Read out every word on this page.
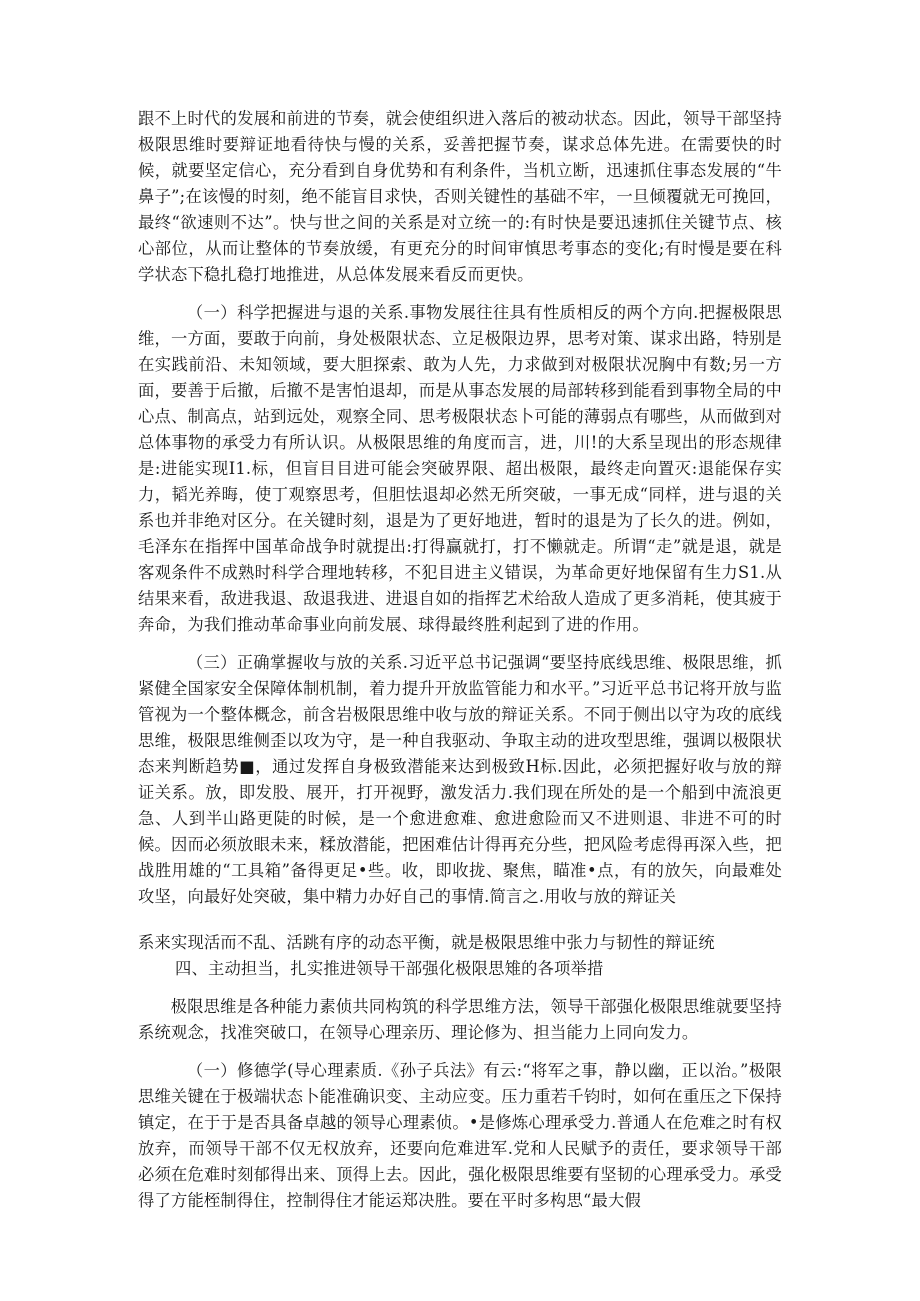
跟不上时代的发展和前进的节奏，就会使组织进入落后的被动状态。因此，领导干部坚持极限思维时要辩证地看待快与慢的关系，妥善把握节奏，谋求总体先进。在需要快的时候，就要坚定信心，充分看到自身优势和有利条件，当机立断，迅速抓住事态发展的“牛鼻子”;在该慢的时刻，绝不能盲目求快，否则关键性的基础不牢，一旦倾覆就无可挽回，最终“欲速则不达”。快与世之间的关系是对立统一的:有时快是要迅速抓住关键节点、核心部位，从而让整体的节奏放缓，有更充分的时间审慎思考事态的变化;有时慢是要在科学状态下稳扎稳打地推进，从总体发展来看反而更快。

（一）科学把握进与退的关系.事物发展往往具有性质相反的两个方向.把握极限思维，一方面，要敢于向前，身处极限状态、立足极限边界，思考对策、谋求出路，特别是在实践前沿、未知领域，要大胆探索、敢为人先，力求做到对极限状况胸中有数;另一方面，要善于后撤，后撤不是害怕退却，而是从事态发展的局部转移到能看到事物全局的中心点、制高点，站到远处，观察全同、思考极限状态卜可能的薄弱点有哪些，从而做到对总体事物的承受力有所认识。从极限思维的角度而言，进，川!的大系呈现出的形态规律是:进能实现I1.标，但盲目目进可能会突破界限、超出极限，最终走向置灭:退能保存实力，韬光养晦，使丁观察思考，但胆怯退却必然无所突破，一事无成“同样，进与退的关系也并非绝对区分。在关键时刻，退是为了更好地进，暂时的退是为了长久的进。例如，毛泽东在指挥中国革命战争时就提出:打得赢就打，打不懒就走。所谓“走”就是退，就是客观条件不成熟时科学合理地转移，不犯目进主义错误，为革命更好地保留有生力S1.从结果来看，敌进我退、敌退我进、进退自如的指挥艺术给敌人造成了更多消耗，使其疲于奔命，为我们推动革命事业向前发展、球得最终胜利起到了进的作用。

（三）正确掌握收与放的关系.习近平总书记强调“要坚持底线思维、极限思维，抓紧健全国家安全保障体制机制，着力提升开放监管能力和水平。”习近平总书记将开放与监管视为一个整体概念，前含岩极限思维中收与放的辩证关系。不同于侧出以守为攻的底线思维，极限思维侧歪以攻为守，是一种自我驱动、争取主动的进攻型思维，强调以极限状态来判断趋势■，通过发挥自身极致潜能来达到极致H标.因此，必须把握好收与放的辩证关系。放，即发股、展开，打开视野，激发活力.我们现在所处的是一个船到中流浪更急、人到半山路更陡的时候，是一个愈进愈难、愈进愈险而又不进则退、非进不可的时候。因而必须放眼未来，糅放潜能，把困难估计得再充分些，把风险考虑得再深入些，把战胜用雄的“工具箱”备得更足•些。收，即收拢、聚焦，瞄准•点，有的放矢，向最难处攻坚，向最好处突破，集中精力办好自己的事情.简言之.用收与放的辩证关

系来实现活而不乱、活跳有序的动态平衡，就是极限思维中张力与韧性的辩证统

四、主动担当，扎实推进领导干部强化极限思雉的各项举措

极限思维是各种能力素侦共同构筑的科学思维方法，领导干部强化极限思维就要坚持系统观念，找准突破口，在领导心理亲历、理论修为、担当能力上同向发力。

（一）修德学(导心理素质.《孙子兵法》有云:“将军之事，静以幽，正以治。”极限思维关键在于极端状态卜能准确识变、主动应变。压力重若千钧时，如何在重压之下保持镇定，在于于是否具备卓越的领导心理素侦。•是修炼心理承受力.普通人在危难之时有权放弃，而领导干部不仅无权放弃，还要向危难进军.党和人民赋予的责任，要求领导干部必须在危难时刻郁得出来、顶得上去。因此，强化极限思维要有坚韧的心理承受力。承受得了方能桎制得住，控制得住才能运郑决胜。要在平时多构思“最大假
